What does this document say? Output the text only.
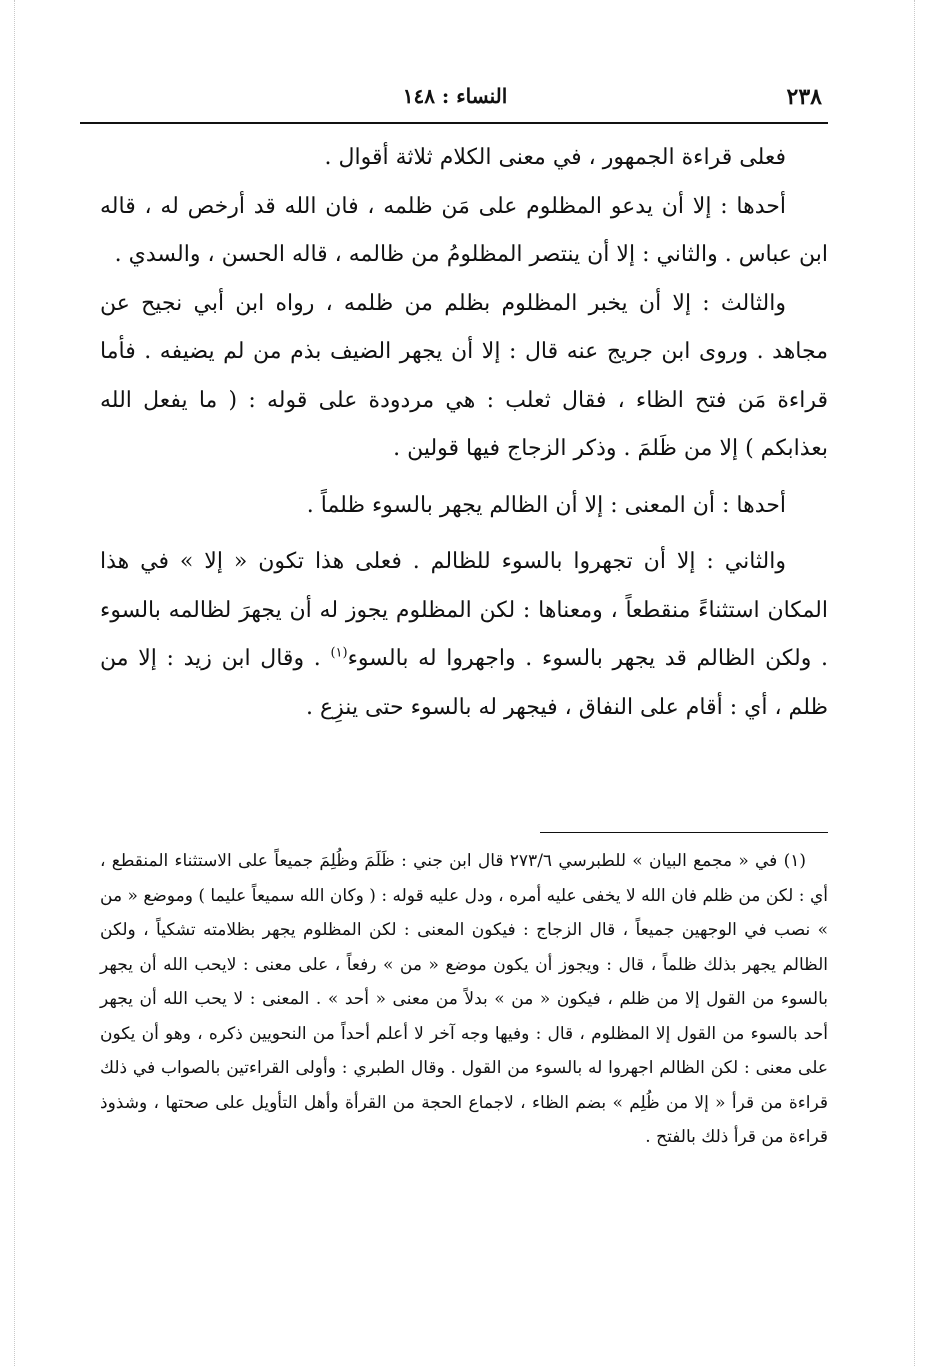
٢٣٨
النساء : ١٤٨

فعلى قراءة الجمهور ، في معنى الكلام ثلاثة أقوال .

أحدها : إلا أن يدعو المظلوم على مَن ظلمه ، فان الله قد أرخص له ، قاله ابن عباس . والثاني : إلا أن ينتصر المظلومُ من ظالمه ، قاله الحسن ، والسدي .

والثالث : إلا أن يخبر المظلوم بظلم من ظلمه ، رواه ابن أبي نجيح عن مجاهد . وروى ابن جريج عنه قال : إلا أن يجهر الضيف بذم من لم يضيفه . فأما قراءة مَن فتح الظاء ، فقال ثعلب : هي مردودة على قوله : ( ما يفعل الله بعذابكم ) إلا من ظَلمَ . وذكر الزجاج فيها قولين .

أحدها : أن المعنى : إلا أن الظالم يجهر بالسوء ظلماً .

والثاني : إلا أن تجهروا بالسوء للظالم . فعلى هذا تكون « إلا » في هذا المكان استثناءً منقطعاً ، ومعناها : لكن المظلوم يجوز له أن يجهرَ لظالمه بالسوء . ولكن الظالم قد يجهر بالسوء . واجهروا له بالسوء$^{(١)}$ . وقال ابن زيد : إلا من ظلم ، أي : أقام على النفاق ، فيجهر له بالسوء حتى ينزِع .

(١) في « مجمع البيان » للطبرسي ٢٧٣/٦ قال ابن جني : ظَلَمَ وظُلِمَ جميعاً على الاستثناء المنقطع ، أي : لكن من ظلم فان الله لا يخفى عليه أمره ، ودل عليه قوله : ( وكان الله سميعاً عليما ) وموضع « من » نصب في الوجهين جميعاً ، قال الزجاج : فيكون المعنى : لكن المظلوم يجهر بظلامته تشكياً ، ولكن الظالم يجهر بذلك ظلماً ، قال : ويجوز أن يكون موضع « من » رفعاً ، على معنى : لايحب الله أن يجهر بالسوء من القول إلا من ظلم ، فيكون « من » بدلاً من معنى « أحد » . المعنى : لا يحب الله أن يجهر أحد بالسوء من القول إلا المظلوم ، قال : وفيها وجه آخر لا أعلم أحداً من النحويين ذكره ، وهو أن يكون على معنى : لكن الظالم اجهروا له بالسوء من القول . وقال الطبري : وأولى القراءتين بالصواب في ذلك قراءة من قرأ « إلا من ظُلِم » بضم الظاء ، لاجماع الحجة من القرأة وأهل التأويل على صحتها ، وشذوذ قراءة من قرأ ذلك بالفتح .
